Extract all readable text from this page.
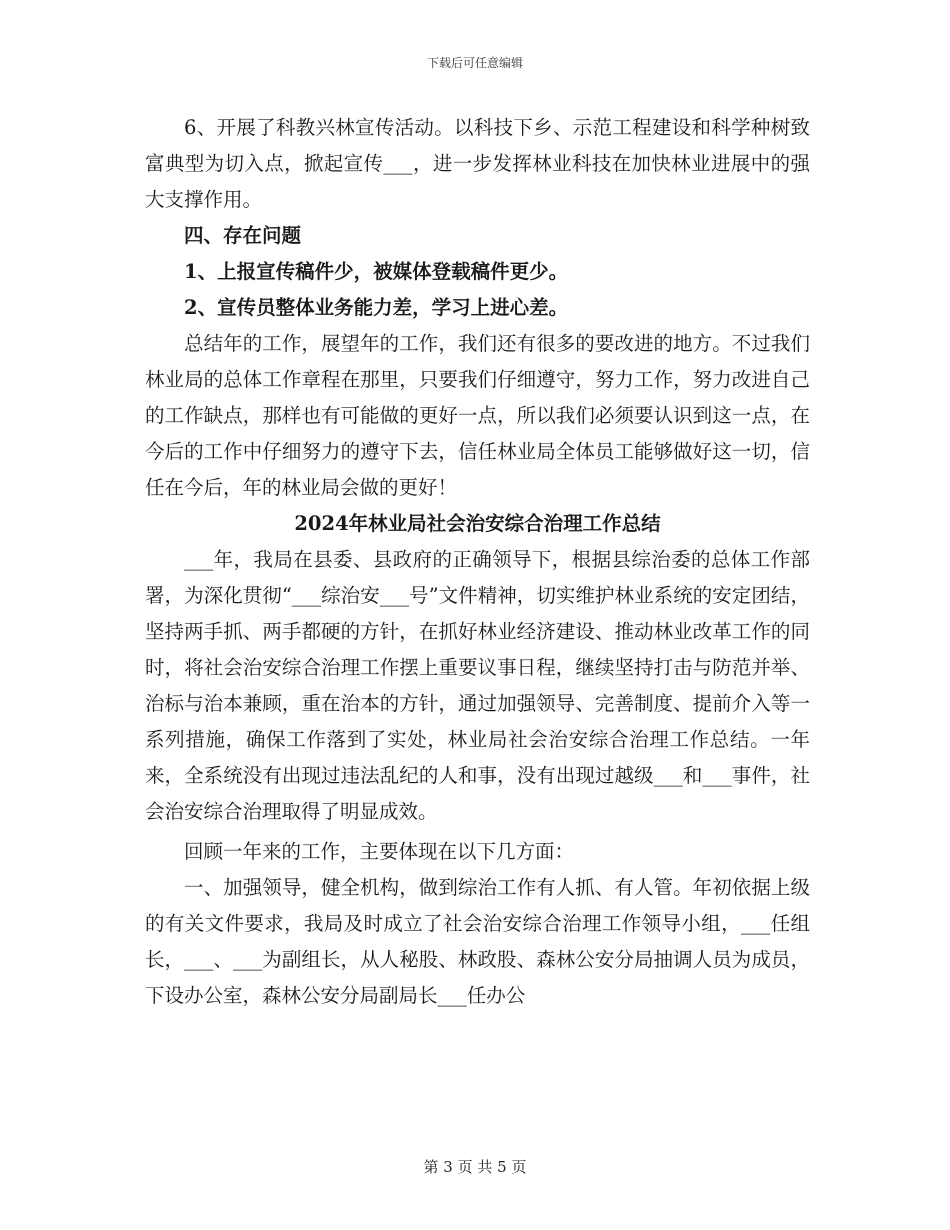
下载后可任意编辑

6、开展了科教兴林宣传活动。以科技下乡、示范工程建设和科学种树致富典型为切入点，掀起宣传___，进一步发挥林业科技在加快林业进展中的强大支撑作用。

四、存在问题

1、上报宣传稿件少，被媒体登载稿件更少。

2、宣传员整体业务能力差，学习上进心差。

总结年的工作，展望年的工作，我们还有很多的要改进的地方。不过我们林业局的总体工作章程在那里，只要我们仔细遵守，努力工作，努力改进自己的工作缺点，那样也有可能做的更好一点，所以我们必须要认识到这一点，在今后的工作中仔细努力的遵守下去，信任林业局全体员工能够做好这一切，信任在今后，年的林业局会做的更好！

2024年林业局社会治安综合治理工作总结

___年，我局在县委、县政府的正确领导下，根据县综治委的总体工作部署，为深化贯彻“___综治安___号”文件精神，切实维护林业系统的安定团结，坚持两手抓、两手都硬的方针，在抓好林业经济建设、推动林业改革工作的同时，将社会治安综合治理工作摆上重要议事日程，继续坚持打击与防范并举、治标与治本兼顾，重在治本的方针，通过加强领导、完善制度、提前介入等一系列措施，确保工作落到了实处，林业局社会治安综合治理工作总结。一年来，全系统没有出现过违法乱纪的人和事，没有出现过越级___和___事件，社会治安综合治理取得了明显成效。

回顾一年来的工作，主要体现在以下几方面：

一、加强领导，健全机构，做到综治工作有人抓、有人管。年初依据上级的有关文件要求，我局及时成立了社会治安综合治理工作领导小组，___任组长，___、___为副组长，从人秘股、林政股、森林公安分局抽调人员为成员，下设办公室，森林公安分局副局长___任办公

第 3 页 共 5 页
